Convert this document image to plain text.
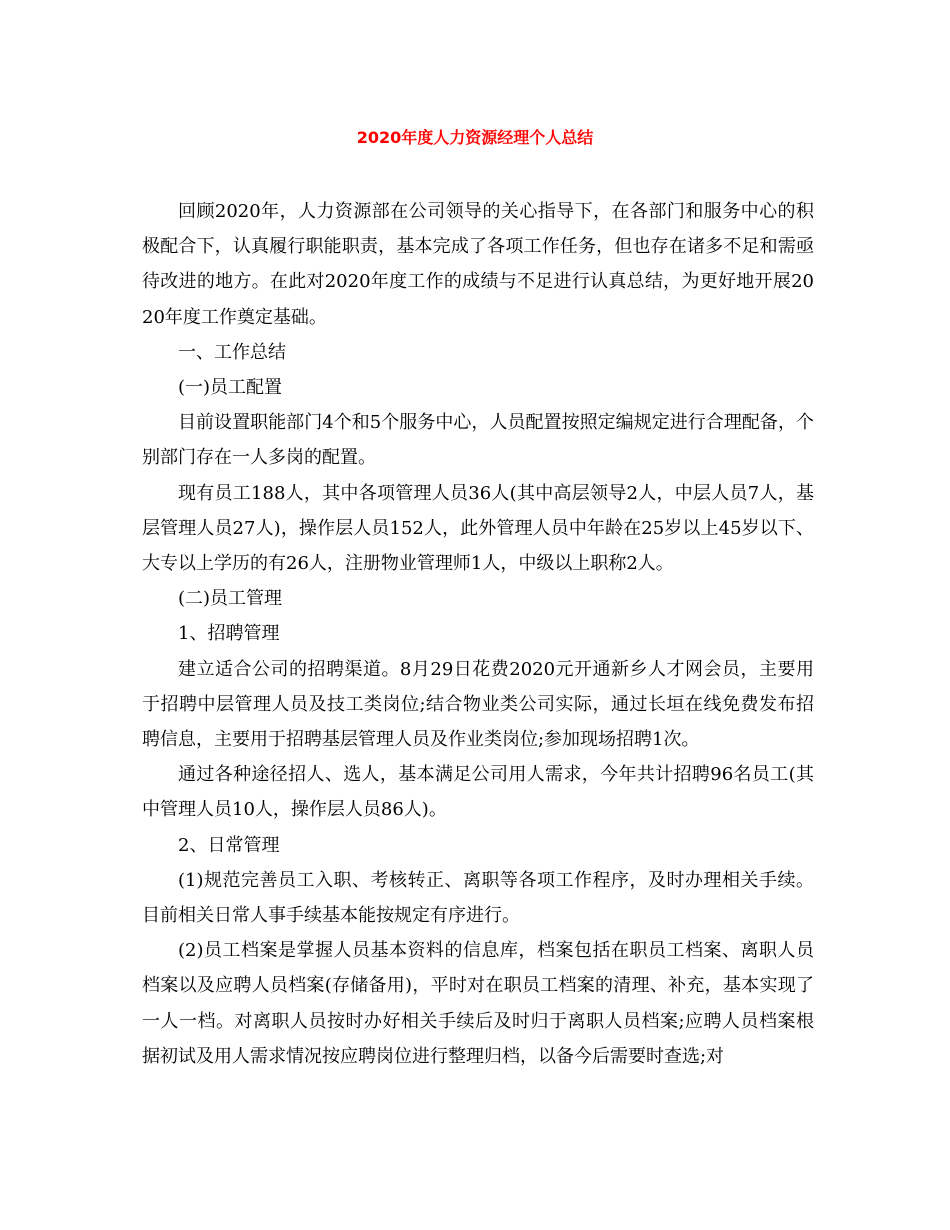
2020年度人力资源经理个人总结

回顾2020年，人力资源部在公司领导的关心指导下，在各部门和服务中心的积极配合下，认真履行职能职责，基本完成了各项工作任务，但也存在诸多不足和需亟待改进的地方。在此对2020年度工作的成绩与不足进行认真总结，为更好地开展2020年度工作奠定基础。

一、工作总结

(一)员工配置

目前设置职能部门4个和5个服务中心，人员配置按照定编规定进行合理配备，个别部门存在一人多岗的配置。

现有员工188人，其中各项管理人员36人(其中高层领导2人，中层人员7人，基层管理人员27人)，操作层人员152人，此外管理人员中年龄在25岁以上45岁以下、大专以上学历的有26人，注册物业管理师1人，中级以上职称2人。

(二)员工管理

1、招聘管理

建立适合公司的招聘渠道。8月29日花费2020元开通新乡人才网会员，主要用于招聘中层管理人员及技工类岗位;结合物业类公司实际，通过长垣在线免费发布招聘信息，主要用于招聘基层管理人员及作业类岗位;参加现场招聘1次。

通过各种途径招人、选人，基本满足公司用人需求，今年共计招聘96名员工(其中管理人员10人，操作层人员86人)。

2、日常管理

(1)规范完善员工入职、考核转正、离职等各项工作程序，及时办理相关手续。目前相关日常人事手续基本能按规定有序进行。

(2)员工档案是掌握人员基本资料的信息库，档案包括在职员工档案、离职人员档案以及应聘人员档案(存储备用)，平时对在职员工档案的清理、补充，基本实现了一人一档。对离职人员按时办好相关手续后及时归于离职人员档案;应聘人员档案根据初试及用人需求情况按应聘岗位进行整理归档，以备今后需要时查选;对
